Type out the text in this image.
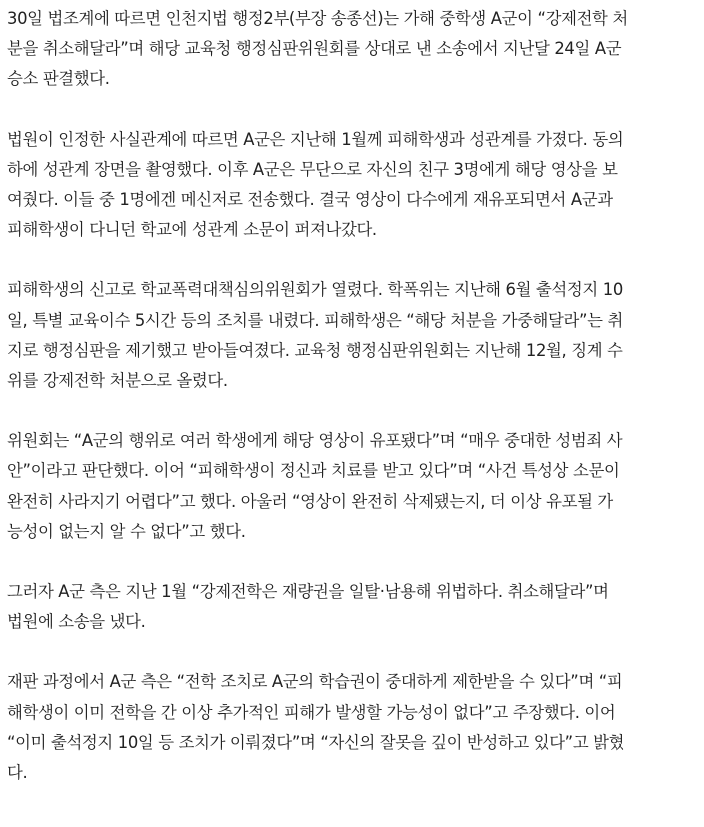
30일 법조계에 따르면 인천지법 행정2부(부장 송종선)는 가해 중학생 A군이 “강제전학 처
분을 취소해달라”며 해당 교육청 행정심판위원회를 상대로 낸 소송에서 지난달 24일 A군
승소 판결했다.

법원이 인정한 사실관계에 따르면 A군은 지난해 1월께 피해학생과 성관계를 가졌다. 동의
하에 성관계 장면을 촬영했다. 이후 A군은 무단으로 자신의 친구 3명에게 해당 영상을 보
여줬다. 이들 중 1명에겐 메신저로 전송했다. 결국 영상이 다수에게 재유포되면서 A군과
피해학생이 다니던 학교에 성관계 소문이 퍼져나갔다.

피해학생의 신고로 학교폭력대책심의위원회가 열렸다. 학폭위는 지난해 6월 출석정지 10
일, 특별 교육이수 5시간 등의 조치를 내렸다. 피해학생은 “해당 처분을 가중해달라”는 취
지로 행정심판을 제기했고 받아들여졌다. 교육청 행정심판위원회는 지난해 12월, 징계 수
위를 강제전학 처분으로 올렸다.

위원회는 “A군의 행위로 여러 학생에게 해당 영상이 유포됐다”며 “매우 중대한 성범죄 사
안”이라고 판단했다. 이어 “피해학생이 정신과 치료를 받고 있다”며 “사건 특성상 소문이
완전히 사라지기 어렵다”고 했다. 아울러 “영상이 완전히 삭제됐는지, 더 이상 유포될 가
능성이 없는지 알 수 없다”고 했다.

그러자 A군 측은 지난 1월 “강제전학은 재량권을 일탈·남용해 위법하다. 취소해달라”며
법원에 소송을 냈다.

재판 과정에서 A군 측은 “전학 조치로 A군의 학습권이 중대하게 제한받을 수 있다”며 “피
해학생이 이미 전학을 간 이상 추가적인 피해가 발생할 가능성이 없다”고 주장했다. 이어
“이미 출석정지 10일 등 조치가 이뤄졌다”며 “자신의 잘못을 깊이 반성하고 있다”고 밝혔
다.
